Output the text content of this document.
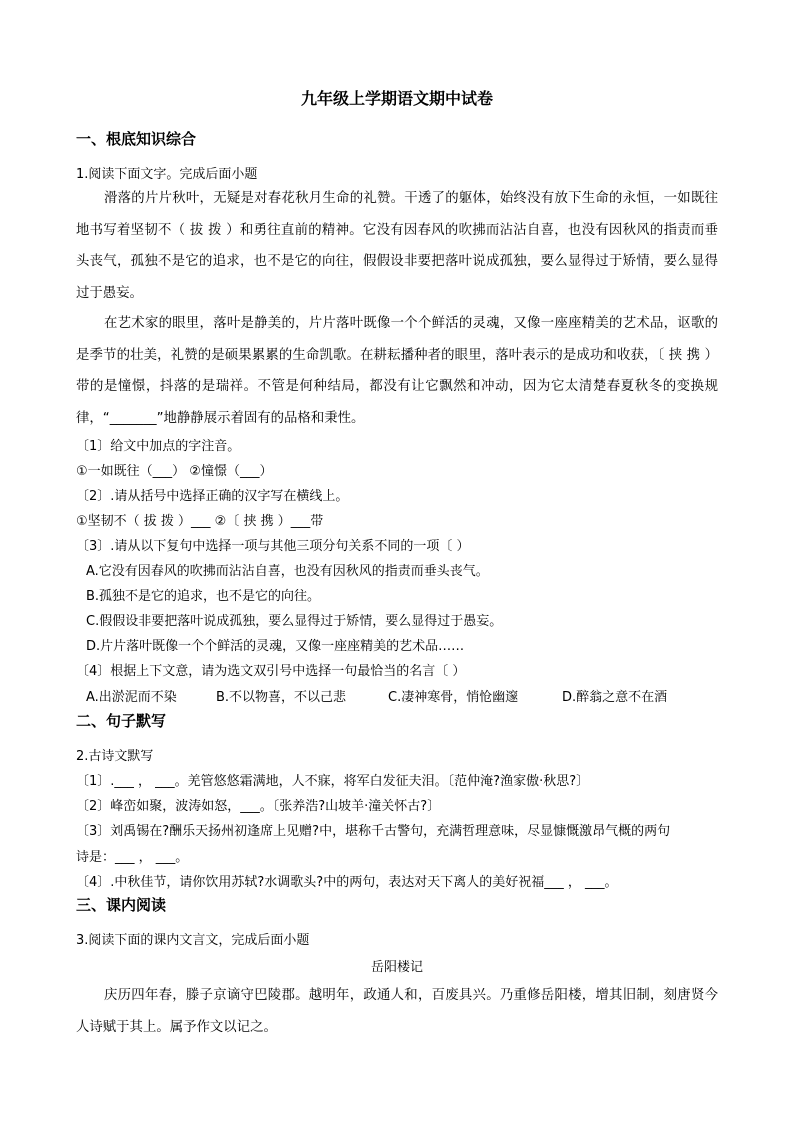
九年级上学期语文期中试卷
一、根底知识综合
1.阅读下面文字。完成后面小题
滑落的片片秋叶，无疑是对春花秋月生命的礼赞。干透了的躯体，始终没有放下生命的永恒，一如既往地书写着坚韧不（ 拔 拨 ）和勇往直前的精神。它没有因春风的吹拂而沾沾自喜，也没有因秋风的指责而垂头丧气，孤独不是它的追求，也不是它的向往，假假设非要把落叶说成孤独，要么显得过于矫情，要么显得过于愚妄。
在艺术家的眼里，落叶是静美的，片片落叶既像一个个鲜活的灵魂，又像一座座精美的艺术品，讴歌的是季节的壮美，礼赞的是硕果累累的生命凯歌。在耕耘播种者的眼里，落叶表示的是成功和收获，〔 挟 携 ）带的是憧憬，抖落的是瑞祥。不管是何种结局，都没有让它飘然和冲动，因为它太清楚春夏秋冬的变换规律，“_______”地静静展示着固有的品格和秉性。
〔1〕给文中加点的字注音。
①一如既往（___） ②憧憬（___）
〔2〕.请从括号中选择正确的汉字写在横线上。
①坚韧不（ 拔 拨 ）___ ②〔 挟 携 ）___带
〔3〕.请从以下复句中选择一项与其他三项分句关系不同的一项〔 ）
A.它没有因春风的吹拂而沾沾自喜，也没有因秋风的指责而垂头丧气。
B.孤独不是它的追求，也不是它的向往。
C.假假设非要把落叶说成孤独，要么显得过于矫情，要么显得过于愚妄。
D.片片落叶既像一个个鲜活的灵魂，又像一座座精美的艺术品……
〔4〕根据上下文意，请为选文双引号中选择一句最恰当的名言〔 ）
A.出淤泥而不染	B.不以物喜，不以己悲	C.凄神寒骨，悄怆幽邃	D.醉翁之意不在酒
二、句子默写
2.古诗文默写
〔1〕.___ ， ___。羌管悠悠霜满地，人不寐，将军白发征夫泪。〔范仲淹?渔家傲·秋思?〕
〔2〕峰峦如聚，波涛如怒，___。〔张养浩?山坡羊·潼关怀古?〕
〔3〕刘禹锡在?酬乐天扬州初逢席上见赠?中，堪称千古警句，充满哲理意味，尽显慷慨激昂气概的两句
诗是：___ ， ___。
〔4〕.中秋佳节，请你饮用苏轼?水调歌头?中的两句，表达对天下离人的美好祝福___ ， ___。
三、课内阅读
3.阅读下面的课内文言文，完成后面小题
岳阳楼记
庆历四年春，滕子京谪守巴陵郡。越明年，政通人和，百废具兴。乃重修岳阳楼，增其旧制，刻唐贤今人诗赋于其上。属予作文以记之。
